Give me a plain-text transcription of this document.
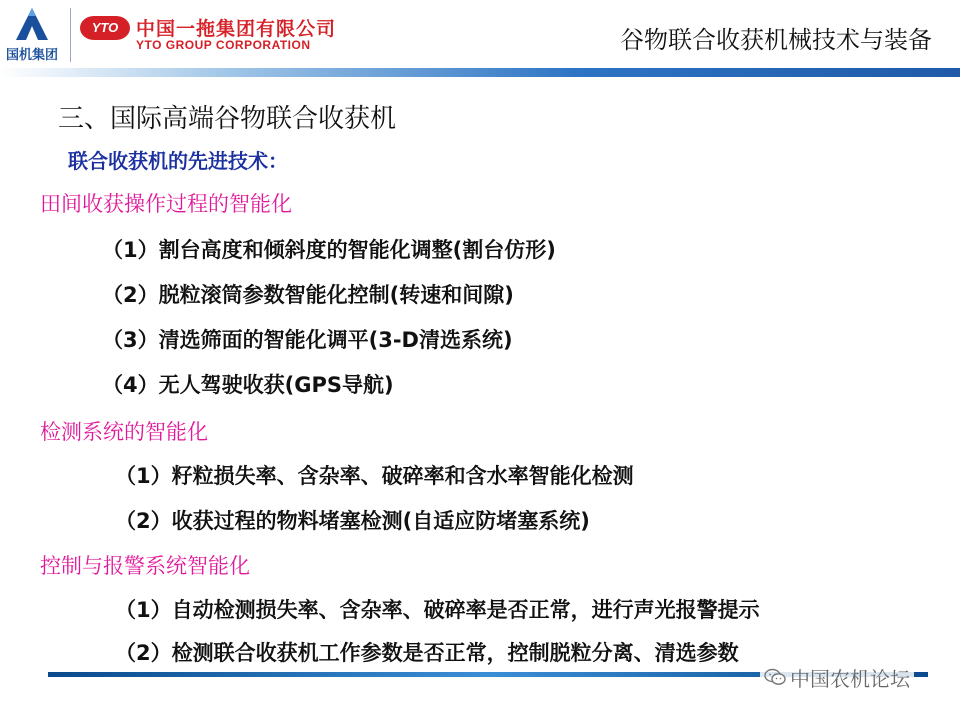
国机集团
YTO 中国一拖集团有限公司
YTO GROUP CORPORATION	谷物联合收获机械技术与装备
三、国际高端谷物联合收获机
联合收获机的先进技术：
田间收获操作过程的智能化
（1）割台高度和倾斜度的智能化调整(割台仿形)
（2）脱粒滚筒参数智能化控制(转速和间隙)
（3）清选筛面的智能化调平(3-D清选系统)
（4）无人驾驶收获(GPS导航)
检测系统的智能化
（1）籽粒损失率、含杂率、破碎率和含水率智能化检测
（2）收获过程的物料堵塞检测(自适应防堵塞系统)
控制与报警系统智能化
（1）自动检测损失率、含杂率、破碎率是否正常，进行声光报警提示
（2）检测联合收获机工作参数是否正常，控制脱粒分离、清选参数
中国农机论坛
